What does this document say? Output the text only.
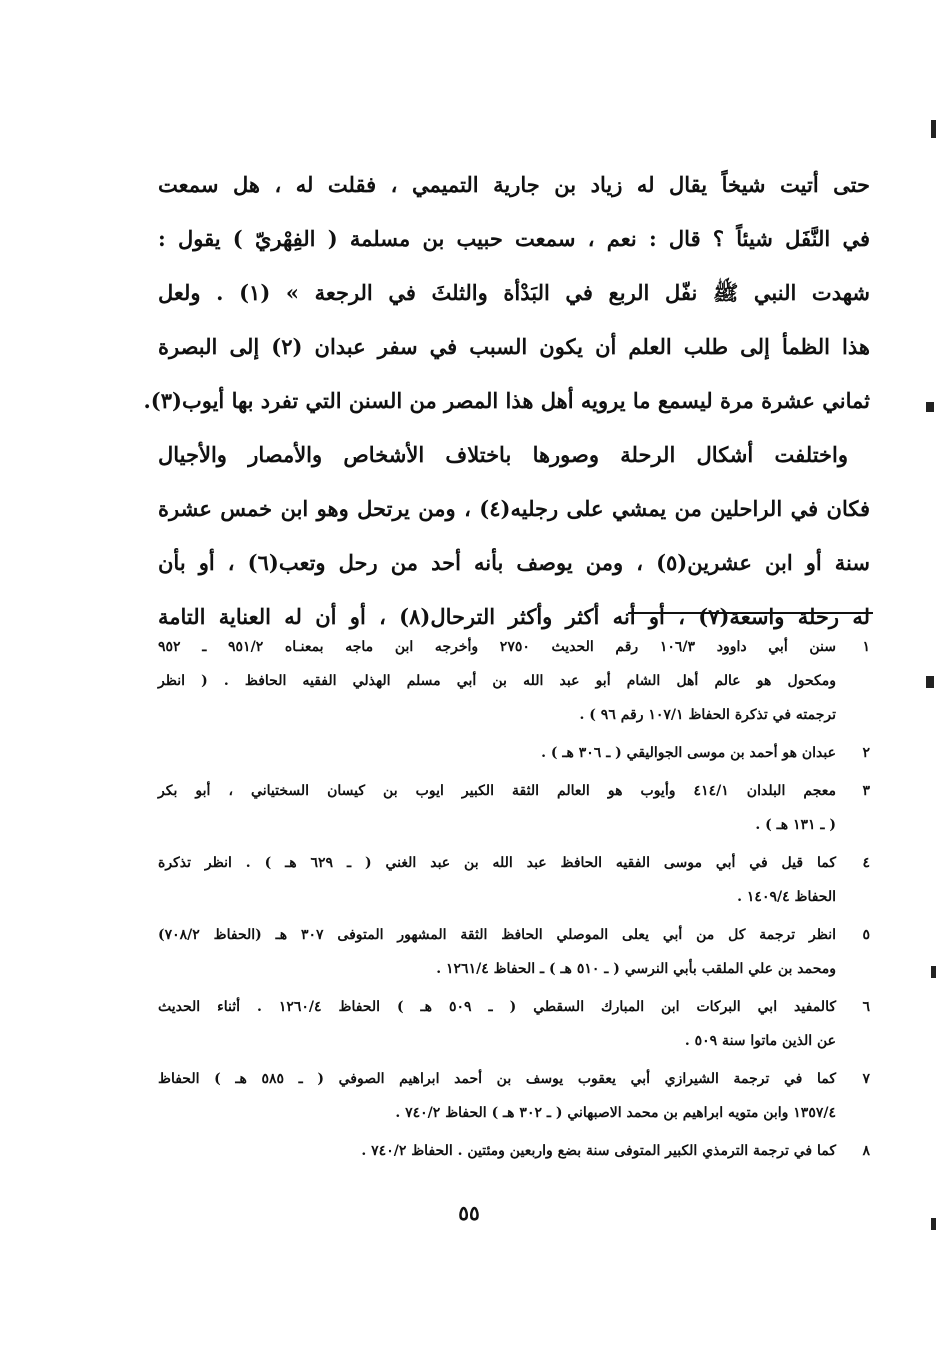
حتى أتيت شيخاً يقال له زياد بن جارية التميمي ، فقلت له ، هل سمعت
في النَّفَل شيئاً ؟ قال : نعم ، سمعت حبيب بن مسلمة ( الفِهْريّ ) يقول :
شهدت النبي ﷺ نفّل الربع في البَدْأة والثلثَ في الرجعة » (١) . ولعل
هذا الظمأ إلى طلب العلم أن يكون السبب في سفر عبدان (٢) إلى البصرة
ثماني عشرة مرة ليسمع ما يرويه أهل هذا المصر من السنن التي تفرد بها أيوب(٣).
واختلفت أشكال الرحلة وصورها باختلاف الأشخاص والأمصار والأجيال
فكان في الراحلين من يمشي على رجليه(٤) ، ومن يرتحل وهو ابن خمس عشرة
سنة أو ابن عشرين(٥) ، ومن يوصف بأنه أحد من رحل وتعب(٦) ، أو بأن
له رحلة واسعة(٧) ، أو أنه أكثر وأكثر الترحال(٨) ، أو أن له العناية التامة
١
سنن أبي داوود ١٠٦/٣ رقم الحديث ٢٧٥٠ وأخرجه ابن ماجه بمعنـاه ٩٥١/٢ ـ ٩٥٢
ومكحول هو عالم أهل الشام أبو عبد الله بن أبي مسلم الهذلي الفقيه الحافظ . ( انظر
ترجمته في تذكرة الحفاظ ١٠٧/١ رقم ٩٦ ) .
٢
عبدان هو أحمد بن موسى الجواليقي ( ـ ٣٠٦ هـ ) .
٣
معجم البلدان ٤١٤/١ وأيوب هو العالم الثقة الكبير ايوب بن كيسان السختياني ، أبو بكر
( ـ ١٣١ هـ ) .
٤
كما قيل في أبي موسى الفقيه الحافظ عبد الله بن عبد الغني ( ـ ٦٢٩ هـ ) . انظر تذكرة
الحفاظ ١٤٠٩/٤ .
٥
انظر ترجمة كل من أبي يعلى الموصلي الحافظ الثقة المشهور المتوفى ٣٠٧ هـ (الحفاظ ٧٠٨/٢)
ومحمد بن علي الملقب بأبي النرسي ( ـ ٥١٠ هـ ) ـ الحفاظ ١٢٦١/٤ .
٦
كالمفيد ابي البركات ابن المبارك السقطي ( ـ ٥٠٩ هـ ) الحفاظ ١٢٦٠/٤ . أثناء الحديث
عن الذين ماتوا سنة ٥٠٩ .
٧
كما في ترجمة الشيرازي أبي يعقوب يوسف بن أحمد ابراهيم الصوفي ( ـ ٥٨٥ هـ ) الحفاظ
١٣٥٧/٤ وابن متويه ابراهيم بن محمد الاصبهاني ( ـ ٣٠٢ هـ ) الحفاظ ٧٤٠/٢ .
٨
كما في ترجمة الترمذي الكبير المتوفى سنة بضع واربعين ومئتين . الحفاظ ٧٤٠/٢ .
٥٥
